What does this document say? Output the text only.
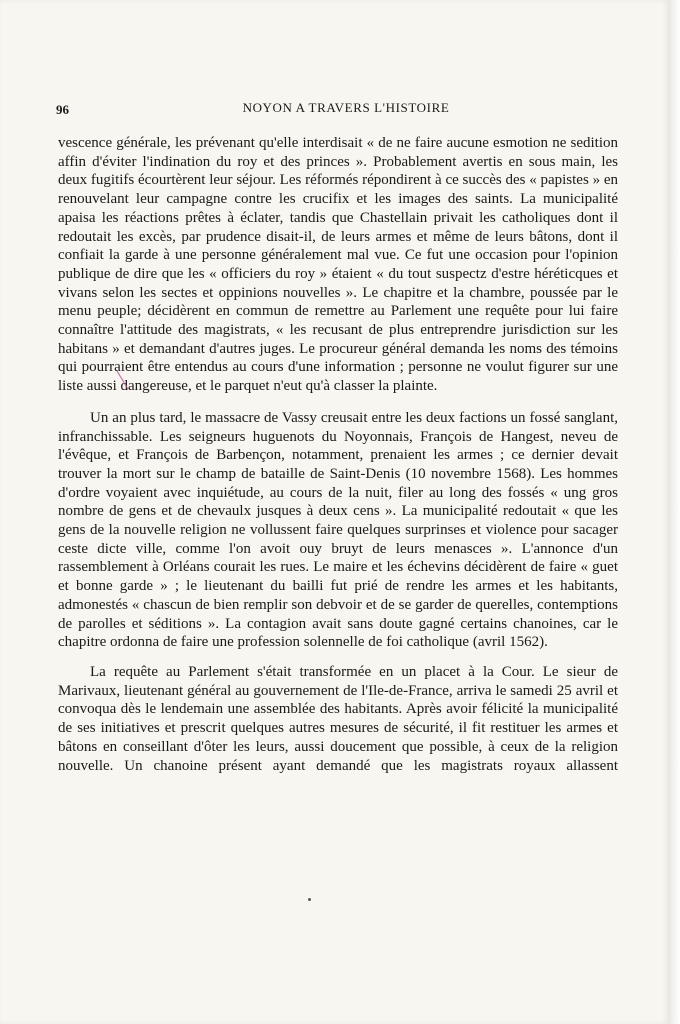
96	NOYON A TRAVERS L'HISTOIRE

vescence générale, les prévenant qu'elle interdisait « de ne faire aucune esmotion ne sedition affin d'éviter l'indination du roy et des princes ». Probablement avertis en sous main, les deux fugitifs écourtèrent leur séjour. Les réformés répondirent à ce succès des « papistes » en renouvelant leur campagne contre les crucifix et les images des saints. La municipalité apaisa les réactions prêtes à éclater, tandis que Chastellain privait les catholiques dont il redoutait les excès, par prudence disait-il, de leurs armes et même de leurs bâtons, dont il confiait la garde à une personne généralement mal vue. Ce fut une occasion pour l'opinion publique de dire que les « officiers du roy » étaient « du tout suspectz d'estre héréticques et vivans selon les sectes et oppinions nouvelles ». Le chapitre et la chambre, poussée par le menu peuple; décidèrent en commun de remettre au Parlement une requête pour lui faire connaître l'attitude des magistrats, « les recusant de plus entreprendre jurisdiction sur les habitans » et demandant d'autres juges. Le procureur général demanda les noms des témoins qui pourraient être entendus au cours d'une information ; personne ne voulut figurer sur une liste aussi dangereuse, et le parquet n'eut qu'à classer la plainte.

Un an plus tard, le massacre de Vassy creusait entre les deux factions un fossé sanglant, infranchissable. Les seigneurs huguenots du Noyonnais, François de Hangest, neveu de l'évêque, et François de Barbençon, notamment, prenaient les armes ; ce dernier devait trouver la mort sur le champ de bataille de Saint-Denis (10 novembre 1568). Les hommes d'ordre voyaient avec inquiétude, au cours de la nuit, filer au long des fossés « ung gros nombre de gens et de chevaulx jusques à deux cens ». La municipalité redoutait « que les gens de la nouvelle religion ne vollussent faire quelques surprinses et violence pour sacager ceste dicte ville, comme l'on avoit ouy bruyt de leurs menasces ». L'annonce d'un rassemblement à Orléans courait les rues. Le maire et les échevins décidèrent de faire « guet et bonne garde » ; le lieutenant du bailli fut prié de rendre les armes et les habitants, admonestés « chascun de bien remplir son debvoir et de se garder de querelles, contemptions de parolles et séditions ». La contagion avait sans doute gagné certains chanoines, car le chapitre ordonna de faire une profession solennelle de foi catholique (avril 1562).

La requête au Parlement s'était transformée en un placet à la Cour. Le sieur de Marivaux, lieutenant général au gouvernement de l'Ile-de-France, arriva le samedi 25 avril et convoqua dès le lendemain une assemblée des habitants. Après avoir félicité la municipalité de ses initiatives et prescrit quelques autres mesures de sécurité, il fit restituer les armes et bâtons en conseillant d'ôter les leurs, aussi doucement que possible, à ceux de la religion nouvelle. Un chanoine présent ayant demandé que les magistrats royaux allassent
